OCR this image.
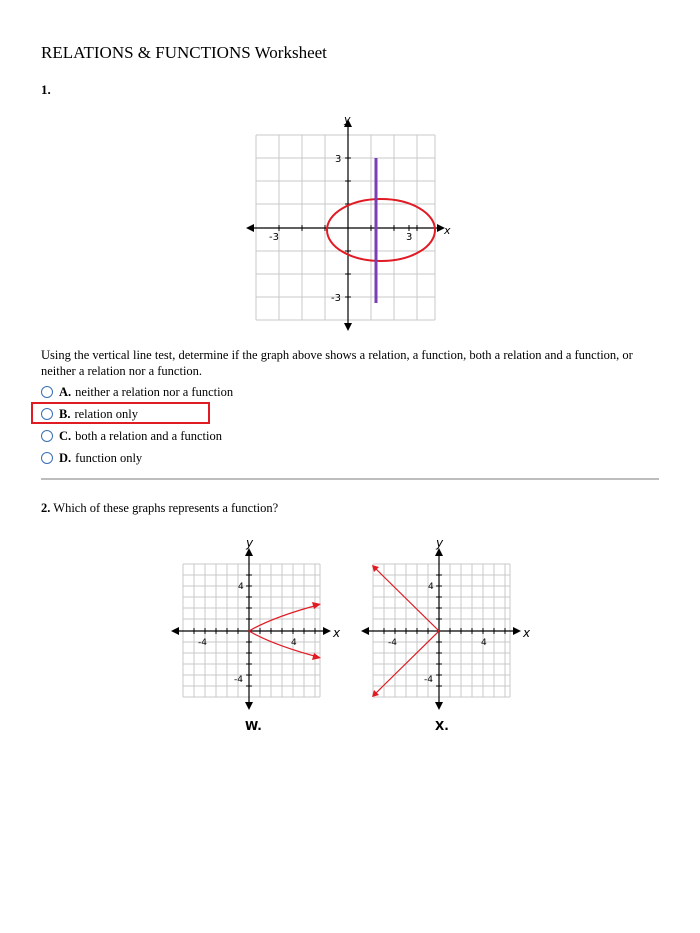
RELATIONS & FUNCTIONS Worksheet
1.
x
y
-3	3
3
-3
Using the vertical line test, determine if the graph above shows a relation, a function, both a relation and a function, or neither a relation nor a function.
A. neither a relation nor a function
B. relation only
C. both a relation and a function
D. function only
2. Which of these graphs represents a function?
x
y
-4	4
4
-4
W.
x
y
-4	4
4
-4
X.
